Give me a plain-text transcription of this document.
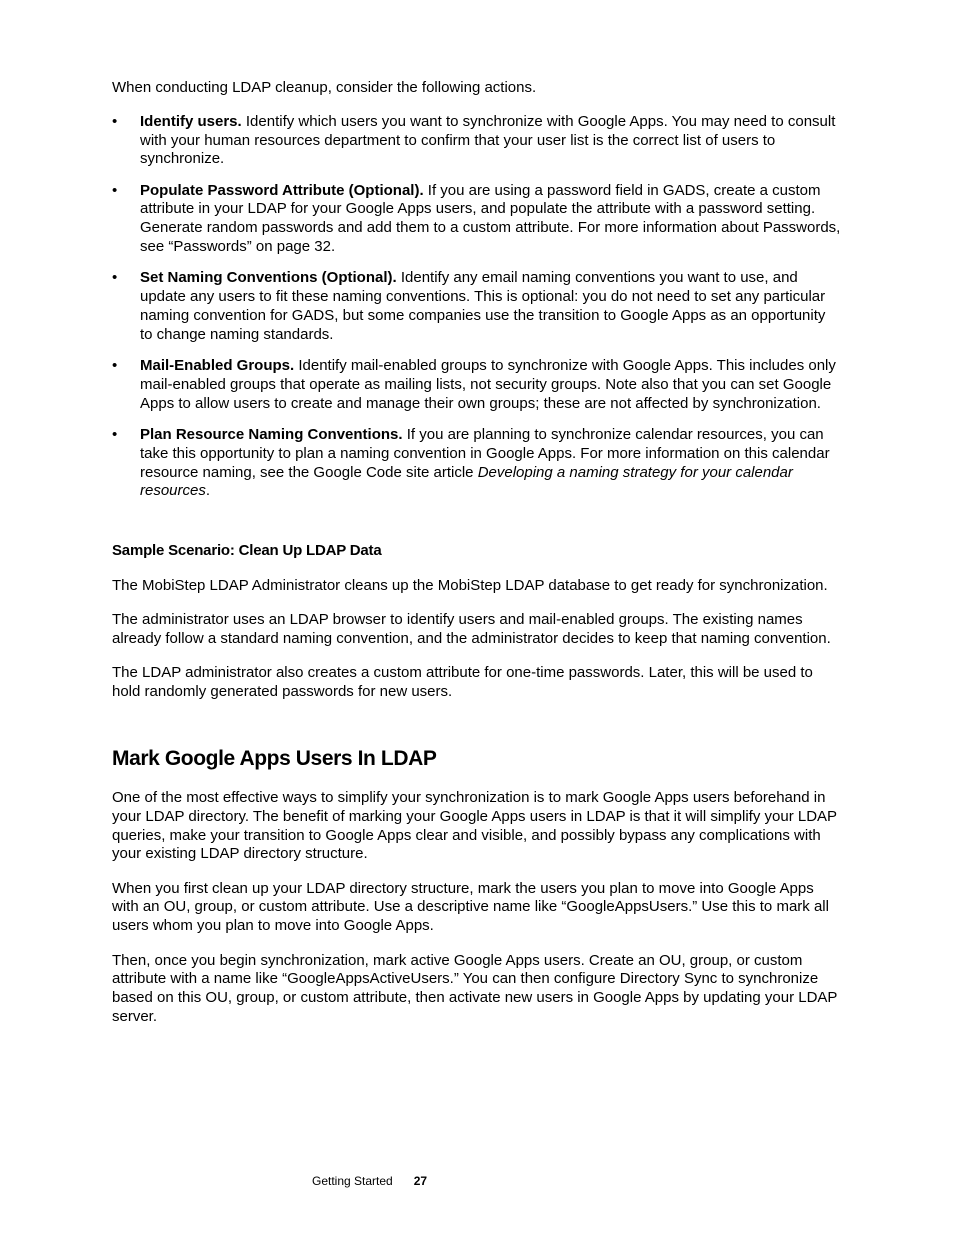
When conducting LDAP cleanup, consider the following actions.

• Identify users. Identify which users you want to synchronize with Google Apps. You may need to consult with your human resources department to confirm that your user list is the correct list of users to synchronize.
• Populate Password Attribute (Optional). If you are using a password field in GADS, create a custom attribute in your LDAP for your Google Apps users, and populate the attribute with a password setting. Generate random passwords and add them to a custom attribute. For more information about Passwords, see “Passwords” on page 32.
• Set Naming Conventions (Optional). Identify any email naming conventions you want to use, and update any users to fit these naming conventions. This is optional: you do not need to set any particular naming convention for GADS, but some companies use the transition to Google Apps as an opportunity to change naming standards.
• Mail-Enabled Groups. Identify mail-enabled groups to synchronize with Google Apps. This includes only mail-enabled groups that operate as mailing lists, not security groups. Note also that you can set Google Apps to allow users to create and manage their own groups; these are not affected by synchronization.
• Plan Resource Naming Conventions. If you are planning to synchronize calendar resources, you can take this opportunity to plan a naming convention in Google Apps. For more information on this calendar resource naming, see the Google Code site article Developing a naming strategy for your calendar resources.
Sample Scenario: Clean Up LDAP Data

The MobiStep LDAP Administrator cleans up the MobiStep LDAP database to get ready for synchronization.

The administrator uses an LDAP browser to identify users and mail-enabled groups. The existing names already follow a standard naming convention, and the administrator decides to keep that naming convention.

The LDAP administrator also creates a custom attribute for one-time passwords. Later, this will be used to hold randomly generated passwords for new users.

Mark Google Apps Users In LDAP

One of the most effective ways to simplify your synchronization is to mark Google Apps users beforehand in your LDAP directory. The benefit of marking your Google Apps users in LDAP is that it will simplify your LDAP queries, make your transition to Google Apps clear and visible, and possibly bypass any complications with your existing LDAP directory structure.

When you first clean up your LDAP directory structure, mark the users you plan to move into Google Apps with an OU, group, or custom attribute. Use a descriptive name like “GoogleAppsUsers.” Use this to mark all users whom you plan to move into Google Apps.

Then, once you begin synchronization, mark active Google Apps users. Create an OU, group, or custom attribute with a name like “GoogleAppsActiveUsers.” You can then configure Directory Sync to synchronize based on this OU, group, or custom attribute, then activate new users in Google Apps by updating your LDAP server.

Getting Started 27
